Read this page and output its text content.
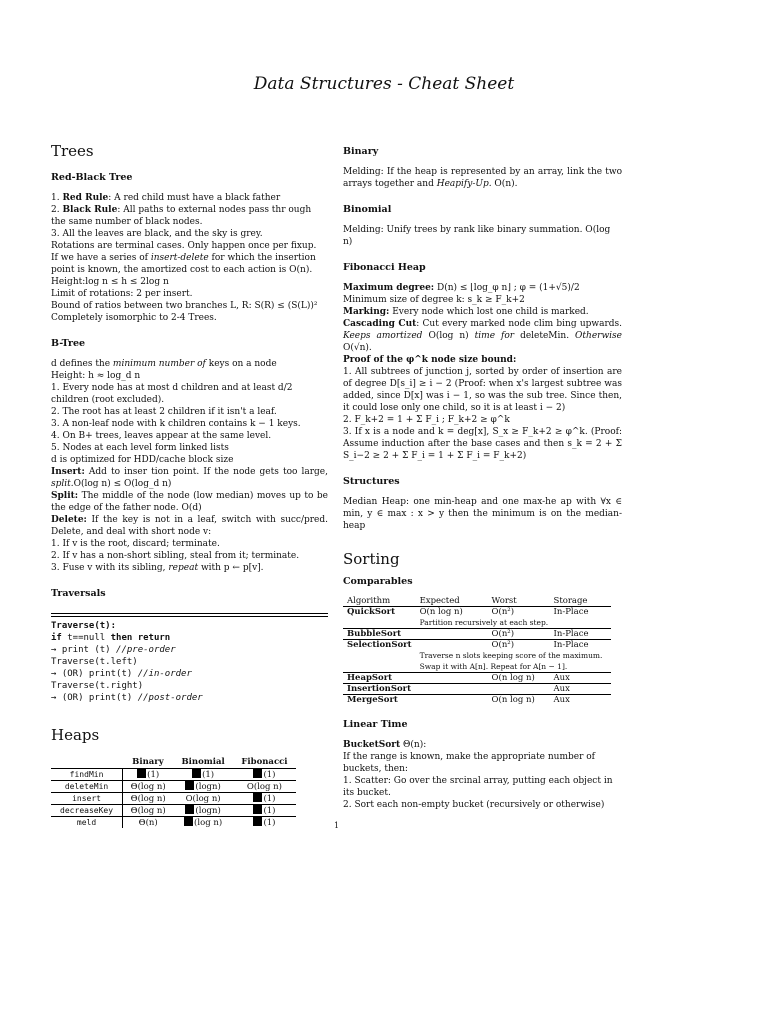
Data Structures - Cheat Sheet
Trees
Red-Black Tree

1. Red Rule: A red child must have a black father

2. Black Rule: All paths to external nodes pass thr ough the same number of black nodes.

3. All the leaves are black, and the sky is grey.

Rotations are terminal cases. Only happen once per fixup.

If we have a series of insert-delete for which the insertion point is known, the amortized cost to each action is O(n).

Height:log n ≤ h ≤ 2log n

Limit of rotations: 2 per insert.

Bound of ratios between two branches L, R: S(R) ≤ (S(L))²

Completely isomorphic to 2-4 Trees.

B-Tree

d defines the minimum number of keys on a node

Height: h ≈ log_d n

1. Every node has at most d children and at least d/2 children (root excluded).

2. The root has at least 2 children if it isn't a leaf.

3. A non-leaf node with k children contains k − 1 keys.

4. On B+ trees, leaves appear at the same level.

5. Nodes at each level form linked lists

d is optimized for HDD/cache block size

Insert: Add to inser tion point. If the node gets too large, split.O(log n) ≤ O(log_d n)

Split: The middle of the node (low median) moves up to be the edge of the father node. O(d)

Delete: If the key is not in a leaf, switch with succ/pred. Delete, and deal with short node v:

1. If v is the root, discard; terminate.

2. If v has a non-short sibling, steal from it; terminate.

3. Fuse v with its sibling, repeat with p ← p[v].

Traversals
Traverse(t):
if t==null then return
→ print (t) //pre-order
Traverse(t.left)
→ (OR) print(t) //in-order
Traverse(t.right)
→ (OR) print(t) //post-order
Heaps
	Binary	Binomial	Fibonacci
findMin	(1)	(1)	(1)
deleteMin	Θ(log n)	(logn)	O(log n)
insert	Θ(log n)	O(log n)	(1)
decreaseKey	Θ(log n)	(logn)	(1)
meld	Θ(n)	(log n)	(1)
Binary

Melding: If the heap is represented by an array, link the two arrays together and Heapify-Up. O(n).

Binomial

Melding: Unify trees by rank like binary summation. O(log n)

Fibonacci Heap

Maximum degree: D(n) ≤ ⌊log_φ n⌋ ; φ = (1+√5)/2

Minimum size of degree k: s_k ≥ F_k+2

Marking: Every node which lost one child is marked.

Cascading Cut: Cut every marked node clim bing upwards. Keeps amortized O(log n) time for deleteMin. Otherwise O(√n).

Proof of the φ^k node size bound:

1. All subtrees of junction j, sorted by order of insertion are of degree D[s_i] ≥ i − 2 (Proof: when x's largest subtree was added, since D[x] was i − 1, so was the sub tree. Since then, it could lose only one child, so it is at least i − 2)

2. F_k+2 = 1 + Σ F_i ; F_k+2 ≥ φ^k

3. If x is a node and k = deg[x], S_x ≥ F_k+2 ≥ φ^k. (Proof: Assume induction after the base cases and then s_k = 2 + Σ S_i−2 ≥ 2 + Σ F_i = 1 + Σ F_i = F_k+2)

Structures

Median Heap: one min-heap and one max-he ap with ∀x ∈ min, y ∈ max : x > y then the minimum is on the median-heap

Sorting
Comparables
Algorithm	Expected	Worst	Storage
QuickSort	O(n log n)	O(n²)	In-Place
	Partition recursively at each step.		
BubbleSort		O(n²)	In-Place
SelectionSort		O(n²)	In-Place
	Traverse n slots keeping score of the maximum. Swap it with A[n]. Repeat for A[n − 1].		
HeapSort		O(n log n)	Aux
InsertionSort			Aux
MergeSort		O(n log n)	Aux
Linear Time

BucketSort Θ(n):

If the range is known, make the appropriate number of buckets, then:

1. Scatter: Go over the srcinal array, putting each object in its bucket.

2. Sort each non-empty bucket (recursively or otherwise)

1
